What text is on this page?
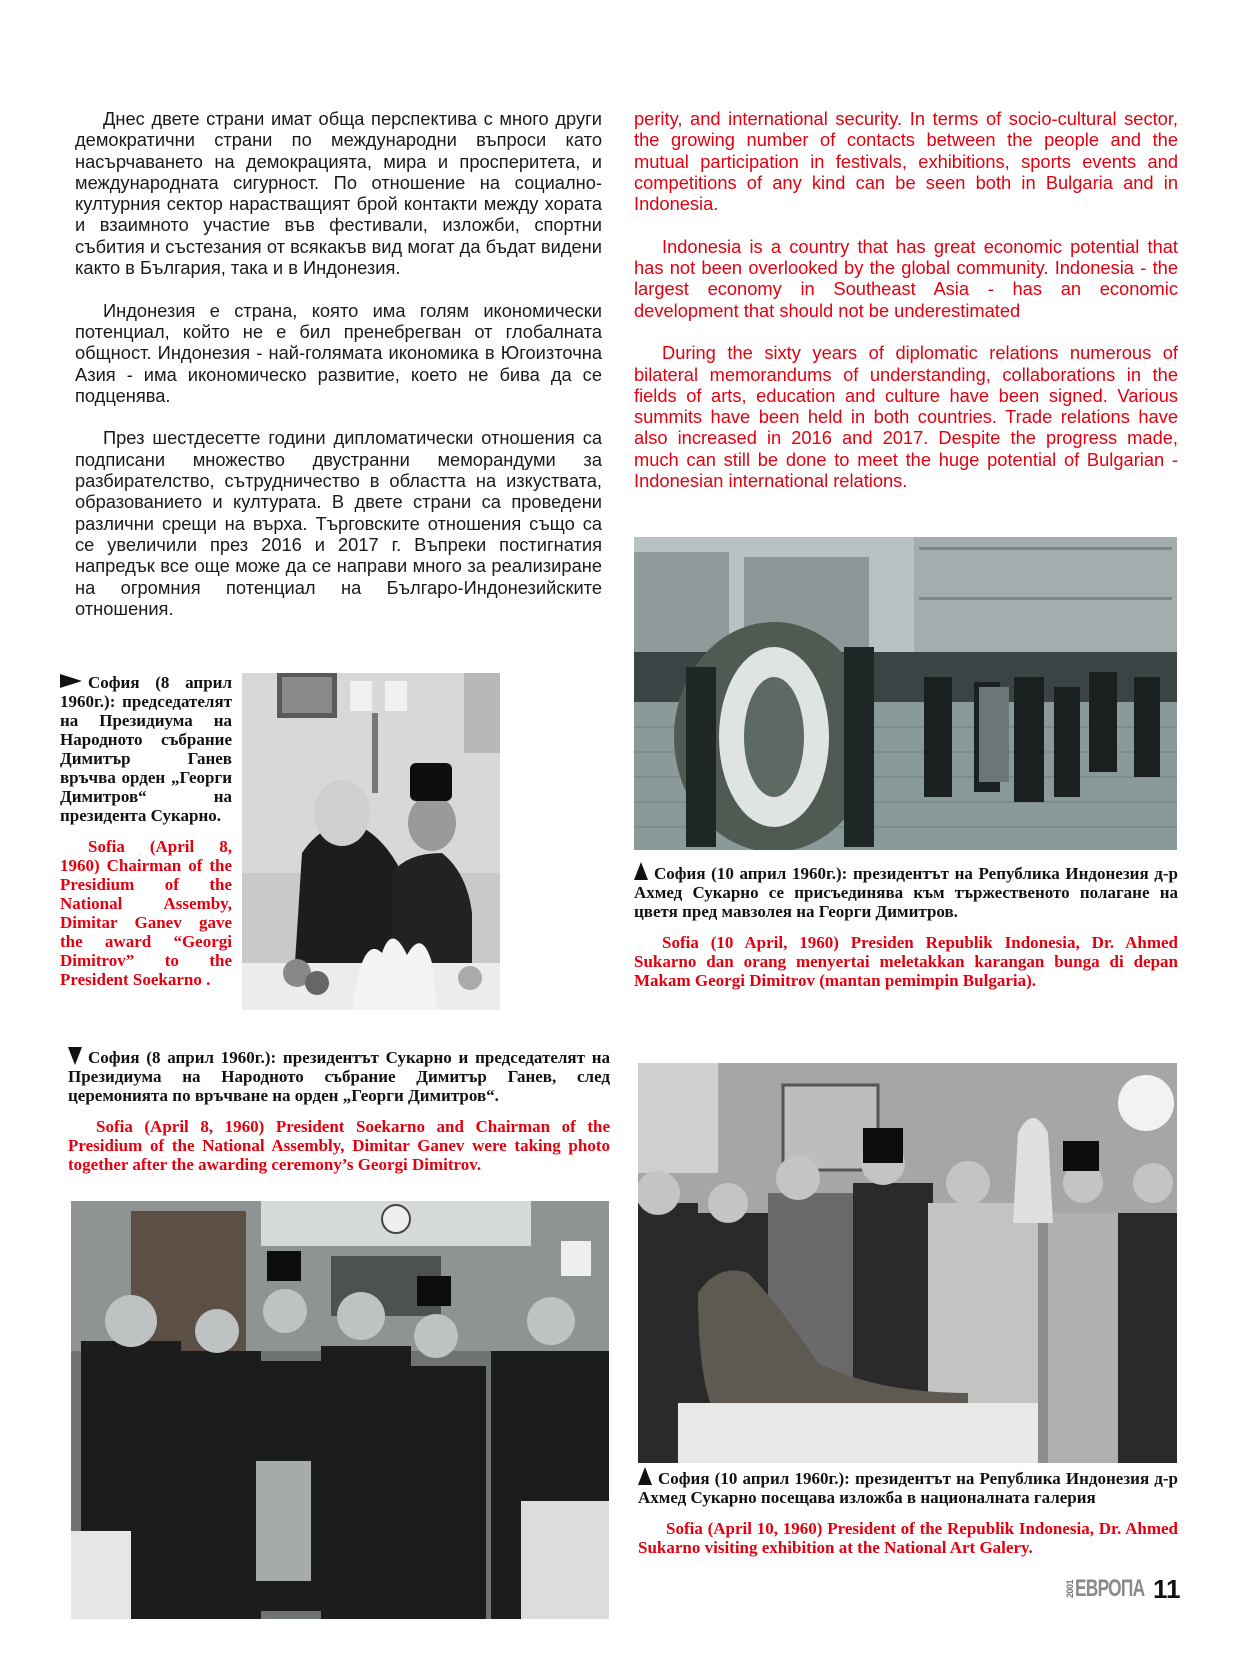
Днес двете страни имат обща перспектива с много други демократични страни по международни въпроси като насърчаването на демокрацията, мира и просперитета, и международната сигурност. По отношение на социално-културния сектор нарастващият брой контакти между хората и взаимното участие във фестивали, изложби, спортни събития и състезания от всякакъв вид могат да бъдат видени както в България, така и в Индонезия.

Индонезия е страна, която има голям икономически потенциал, който не е бил пренебрегван от глобалната общност. Индонезия - най-голямата икономика в Югоизточна Азия - има икономическо развитие, което не бива да се подценява.

През шестдесетте години дипломатически отношения са подписани множество двустранни меморандуми за разбирателство, сътрудничество в областта на изкуствата, образованието и културата. В двете страни са проведени различни срещи на върха. Търговските отношения също са се увеличили през 2016 и 2017 г. Въпреки постигнатия напредък все още може да се направи много за реализиране на огромния потенциал на Българо-Индонезийските отношения.

perity, and international security. In terms of socio-cultural sector, the growing number of contacts between the people and the mutual participation in festivals, exhibitions, sports events and competitions of any kind can be seen both in Bulgaria and in Indonesia.

Indonesia is a country that has great economic potential that has not been overlooked by the global community. Indonesia - the largest economy in Southeast Asia - has an economic development that should not be underestimated

During the sixty years of diplomatic relations numerous of bilateral memorandums of understanding, collaborations in the fields of arts, education and culture have been signed. Various summits have been held in both countries. Trade relations have also increased in 2016 and 2017. Despite the progress made, much can still be done to meet the huge potential of Bulgarian - Indonesian international relations.

София (8 април 1960г.): председателят на Президиума на Народното събрание Димитър Ганев връчва орден „Георги Димитров“ на президента Сукарно.
Sofia (April 8, 1960) Chairman of the Presidium of the National Assemby, Dimitar Ganev gave the award “Georgi Dimitrov” to the President Soekarno .
София (10 април 1960г.): президентът на Република Индонезия д-р Ахмед Сукарно се присъединява към тържественото полагане на цветя пред мавзолея на Георги Димитров.
Sofia (10 April, 1960) Presiden Republik Indonesia, Dr. Ahmed Sukarno dan orang menyertai meletakkan karangan bunga di depan Makam Georgi Dimitrov (mantan pemimpin Bulgaria).
София (8 април 1960г.): президентът Сукарно и председателят на Президиума на Народното събрание Димитър Ганев, след церемонията по връчване на орден „Георги Димитров“.
Sofia (April 8, 1960) President Soekarno and Chairman of the Presidium of the National Assembly, Dimitar Ganev were taking photo together after the awarding ceremony’s Georgi Dimitrov.
София (10 април 1960г.): президентът на Република Индонезия д-р Ахмед Сукарно посещава изложба в националната галерия
Sofia (April 10, 1960) President of the Republik Indonesia, Dr. Ahmed Sukarno visiting exhibition at the National Art Galery.
2001 ЕВРОПА 11
